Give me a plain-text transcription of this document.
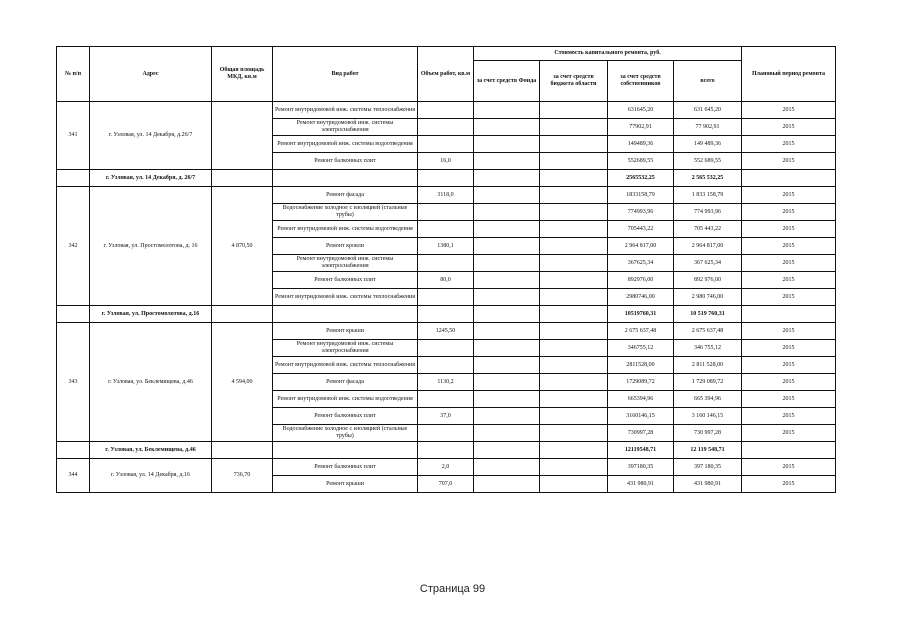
№ п/п	Адрес	Общая площадь МКД, кв.м	Вид работ	Объем работ, кв.м	Стоимость капитального ремонта, руб.				Плановый период ремонта
					за счет средств Фонда	за счет средств бюджета области	за счет средств собственников	всего	
341	г. Узловая, ул. 14 Декабря, д.26/7		Ремонт внутридомовой инж. системы теплоснабжения				631645,20	631 645,20	2015
			Ремонт внутридомовой инж. системы электроснабжения				77902,91	77 902,91	2015
			Ремонт внутридомовой инж. системы водоотведения				149489,36	149 489,36	2015
			Ремонт балконных плит	16,0			552689,55	552 689,55	2015
	г. Узловая, ул. 14 Декабря, д. 26/7						2565532,25	2 565 532,25	
342	г. Узловая, ул. Простомолотова, д. 16	4 870,50	Ремонт фасада	3118,0			1833158,79	1 833 158,79	2015
			Водоснабжение холодное с изоляцией (стальные трубы)				774993,96	774 993,96	2015
			Ремонт внутридомовой инж. системы водоотведения				705443,22	705 443,22	2015
			Ремонт кровли	1380,1			2 964 817,00	2 964 817,00	2015
			Ремонт внутридомовой инж. системы электроснабжения				367625,34	367 625,34	2015
			Ремонт балконных плит	80,0			892976,00	892 976,00	2015
			Ремонт внутридомовой инж. системы теплоснабжения				2980746,00	2 980 746,00	2015
	г. Узловая, ул. Простомолотова, д.16						10519760,31	10 519 760,31	
343	г. Узловая, ул. Беклемищева, д.46	4 594,00	Ремонт крыши	1245,50			2 675 637,48	2 675 637,48	2015
			Ремонт внутридомовой инж. системы электроснабжения				346755,12	346 755,12	2015
			Ремонт внутридомовой инж. системы теплоснабжения				2811528,00	2 811 528,00	2015
			Ремонт фасада	1130,2			1729089,72	1 729 089,72	2015
			Ремонт внутридомовой инж. системы водоотведения				665394,96	665 394,96	2015
			Ремонт балконных плит	37,0			3160146,15	3 160 146,15	2015
			Водоснабжение холодное с изоляцией (стальные трубы)				730997,28	730 997,28	2015
	г. Узловая, ул. Беклемищева, д.46						12119548,71	12 119 548,71	
344	г. Узловая, ул. 14 Декабря, д.16	736,70	Ремонт балконных плит	2,0			397180,35	397 180,35	2015
			Ремонт крыши	707,0			431 980,91	431 980,91	2015
Страница 99
